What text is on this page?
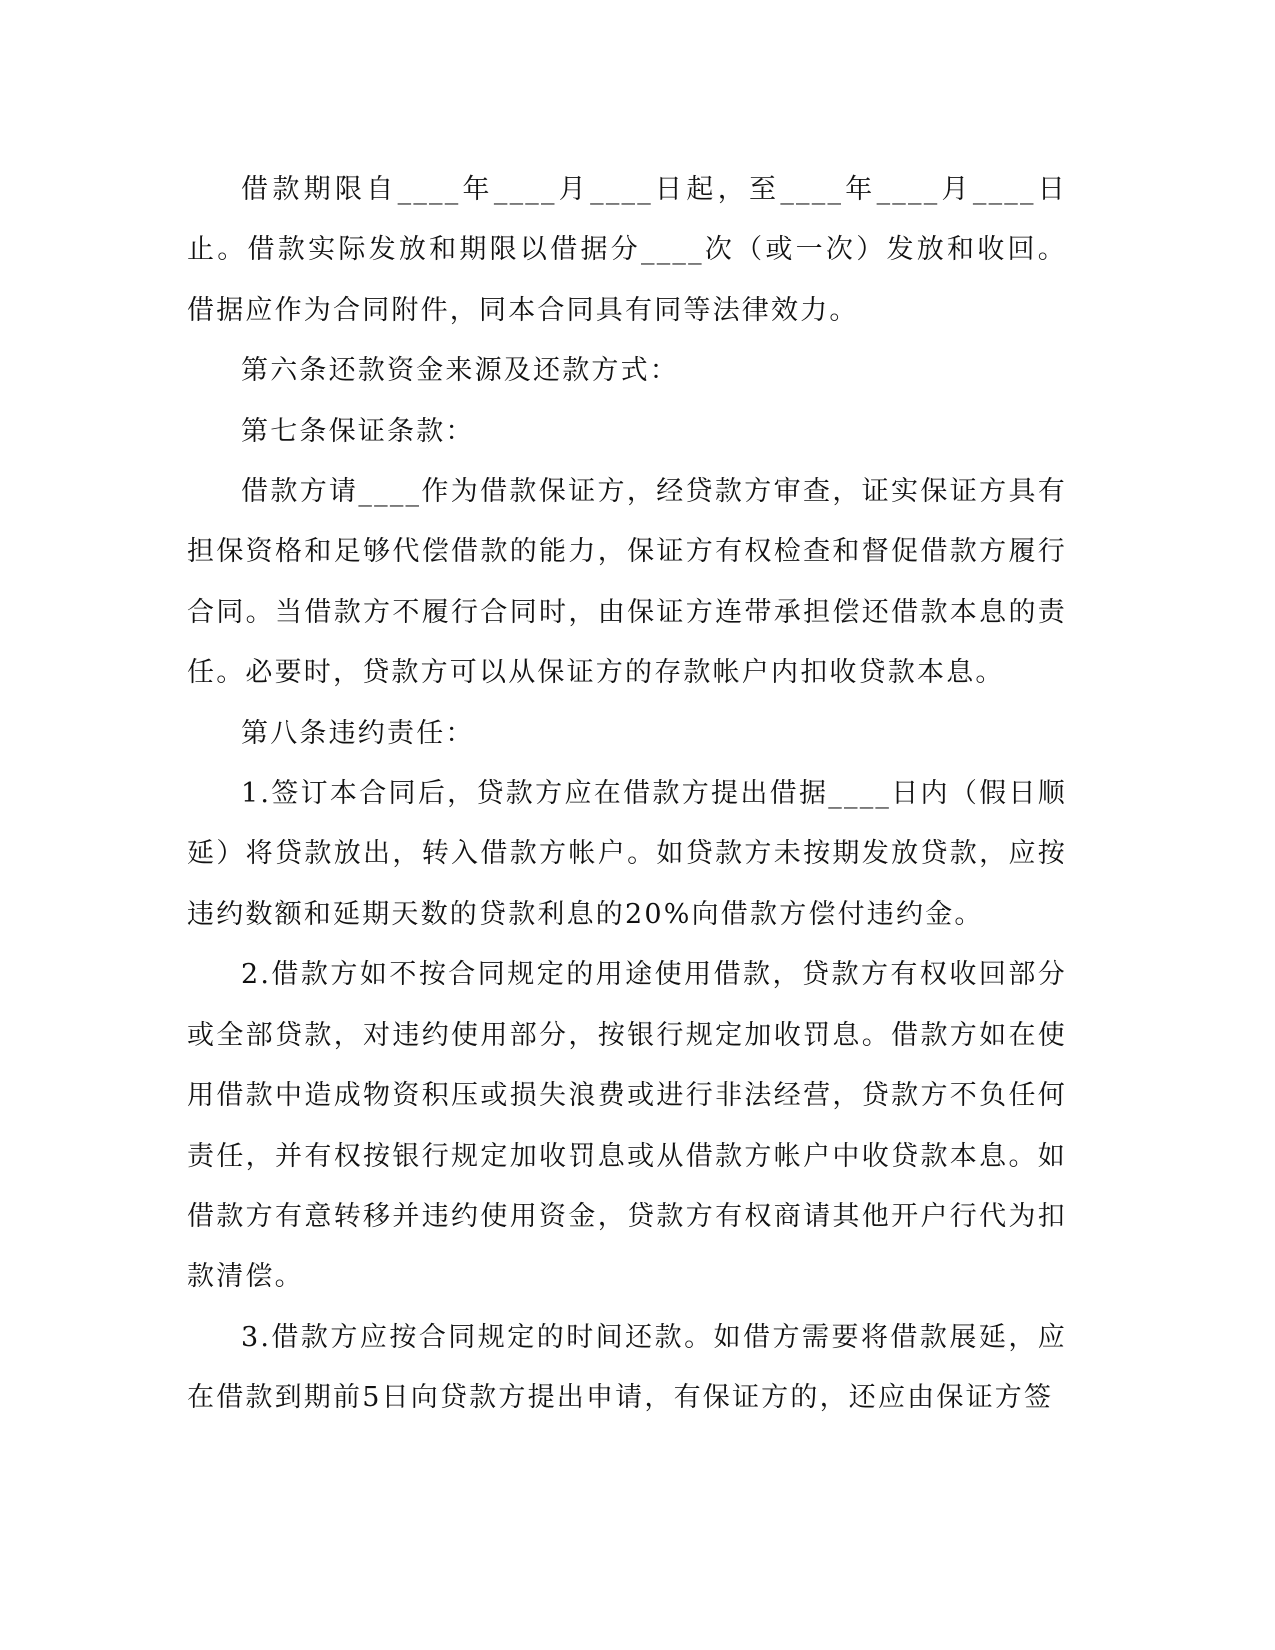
借款期限自____年____月____日起，至____年____月____日止。借款实际发放和期限以借据分____次（或一次）发放和收回。借据应作为合同附件，同本合同具有同等法律效力。

第六条还款资金来源及还款方式：

第七条保证条款：

借款方请____作为借款保证方，经贷款方审查，证实保证方具有担保资格和足够代偿借款的能力，保证方有权检查和督促借款方履行合同。当借款方不履行合同时，由保证方连带承担偿还借款本息的责任。必要时，贷款方可以从保证方的存款帐户内扣收贷款本息。

第八条违约责任：

1.签订本合同后，贷款方应在借款方提出借据____日内（假日顺延）将贷款放出，转入借款方帐户。如贷款方未按期发放贷款，应按违约数额和延期天数的贷款利息的20%向借款方偿付违约金。

2.借款方如不按合同规定的用途使用借款，贷款方有权收回部分或全部贷款，对违约使用部分，按银行规定加收罚息。借款方如在使用借款中造成物资积压或损失浪费或进行非法经营，贷款方不负任何责任，并有权按银行规定加收罚息或从借款方帐户中收贷款本息。如借款方有意转移并违约使用资金，贷款方有权商请其他开户行代为扣款清偿。

3.借款方应按合同规定的时间还款。如借方需要将借款展延，应在借款到期前5日向贷款方提出申请，有保证方的，还应由保证方签
